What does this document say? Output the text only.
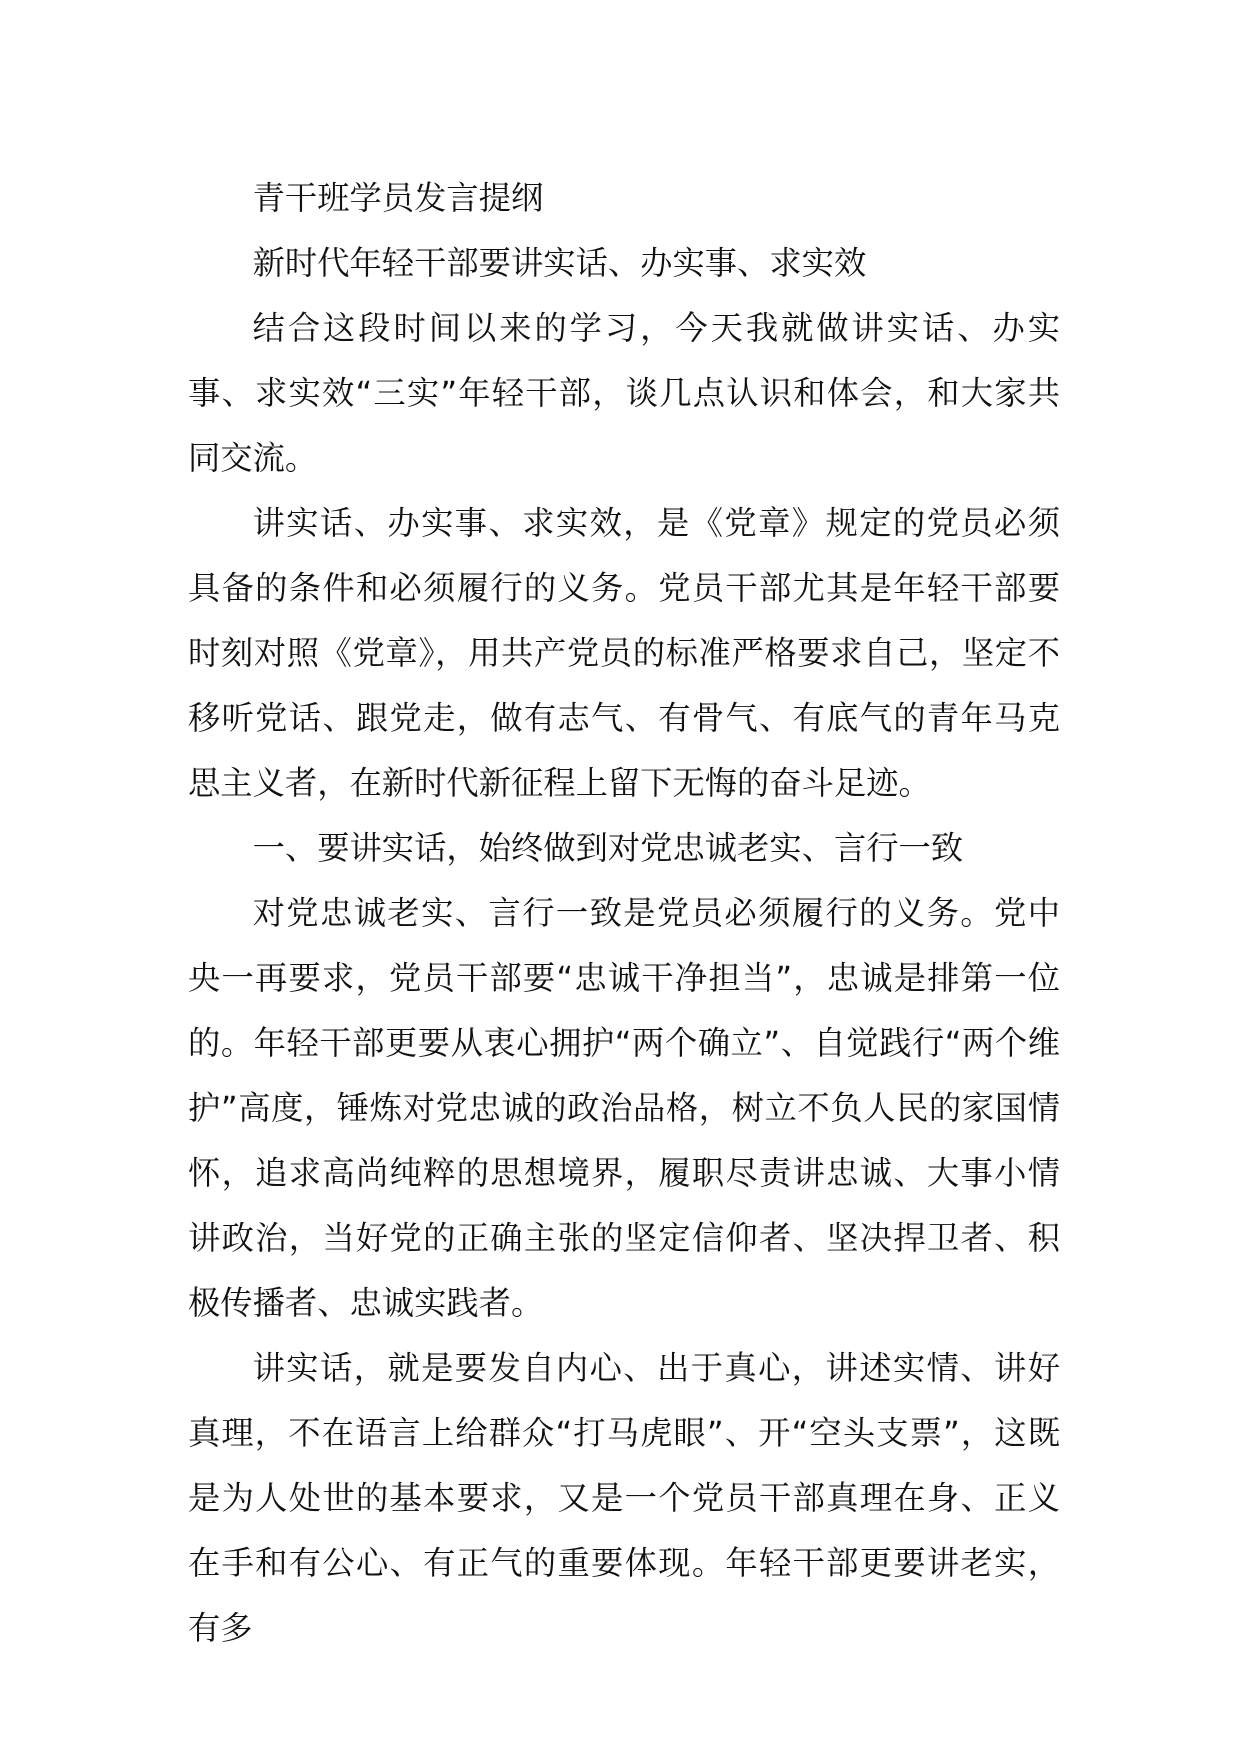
青干班学员发言提纲

新时代年轻干部要讲实话、办实事、求实效

结合这段时间以来的学习，今天我就做讲实话、办实事、求实效“三实”年轻干部，谈几点认识和体会，和大家共同交流。

讲实话、办实事、求实效，是《党章》规定的党员必须具备的条件和必须履行的义务。党员干部尤其是年轻干部要时刻对照《党章》，用共产党员的标准严格要求自己，坚定不移听党话、跟党走，做有志气、有骨气、有底气的青年马克思主义者，在新时代新征程上留下无悔的奋斗足迹。

一、要讲实话，始终做到对党忠诚老实、言行一致

对党忠诚老实、言行一致是党员必须履行的义务。党中央一再要求，党员干部要“忠诚干净担当”，忠诚是排第一位的。年轻干部更要从衷心拥护“两个确立”、自觉践行“两个维护”高度，锤炼对党忠诚的政治品格，树立不负人民的家国情怀，追求高尚纯粹的思想境界，履职尽责讲忠诚、大事小情讲政治，当好党的正确主张的坚定信仰者、坚决捍卫者、积极传播者、忠诚实践者。

讲实话，就是要发自内心、出于真心，讲述实情、讲好真理，不在语言上给群众“打马虎眼”、开“空头支票”，这既是为人处世的基本要求，又是一个党员干部真理在身、正义在手和有公心、有正气的重要体现。年轻干部更要讲老实，有多
